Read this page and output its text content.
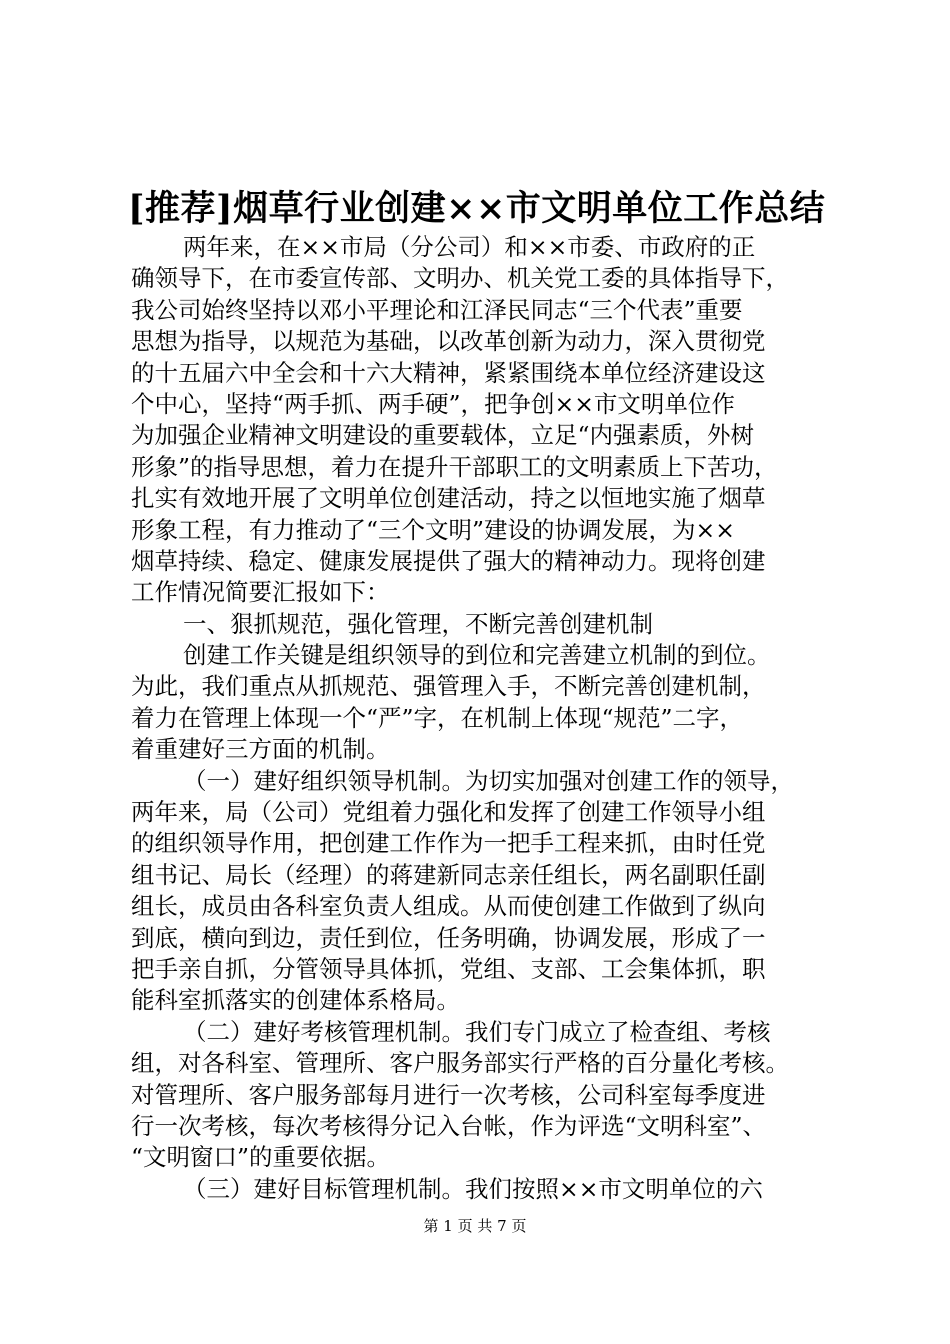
[推荐]烟草行业创建××市文明单位工作总结
两年来，在××市局（分公司）和××市委、市政府的正
确领导下，在市委宣传部、文明办、机关党工委的具体指导下，
我公司始终坚持以邓小平理论和江泽民同志“三个代表”重要
思想为指导，以规范为基础，以改革创新为动力，深入贯彻党
的十五届六中全会和十六大精神，紧紧围绕本单位经济建设这
个中心，坚持“两手抓、两手硬”，把争创××市文明单位作
为加强企业精神文明建设的重要载体，立足“内强素质，外树
形象”的指导思想，着力在提升干部职工的文明素质上下苦功，
扎实有效地开展了文明单位创建活动，持之以恒地实施了烟草
形象工程，有力推动了“三个文明”建设的协调发展，为××
烟草持续、稳定、健康发展提供了强大的精神动力。现将创建
工作情况简要汇报如下：
一、狠抓规范，强化管理，不断完善创建机制
创建工作关键是组织领导的到位和完善建立机制的到位。
为此，我们重点从抓规范、强管理入手，不断完善创建机制，
着力在管理上体现一个“严”字，在机制上体现“规范”二字，
着重建好三方面的机制。
（一）建好组织领导机制。为切实加强对创建工作的领导，
两年来，局（公司）党组着力强化和发挥了创建工作领导小组
的组织领导作用，把创建工作作为一把手工程来抓，由时任党
组书记、局长（经理）的蒋建新同志亲任组长，两名副职任副
组长，成员由各科室负责人组成。从而使创建工作做到了纵向
到底，横向到边，责任到位，任务明确，协调发展，形成了一
把手亲自抓，分管领导具体抓，党组、支部、工会集体抓，职
能科室抓落实的创建体系格局。
（二）建好考核管理机制。我们专门成立了检查组、考核
组，对各科室、管理所、客户服务部实行严格的百分量化考核。
对管理所、客户服务部每月进行一次考核，公司科室每季度进
行一次考核，每次考核得分记入台帐，作为评选“文明科室”、
“文明窗口”的重要依据。
（三）建好目标管理机制。我们按照××市文明单位的六
第 1 页 共 7 页
